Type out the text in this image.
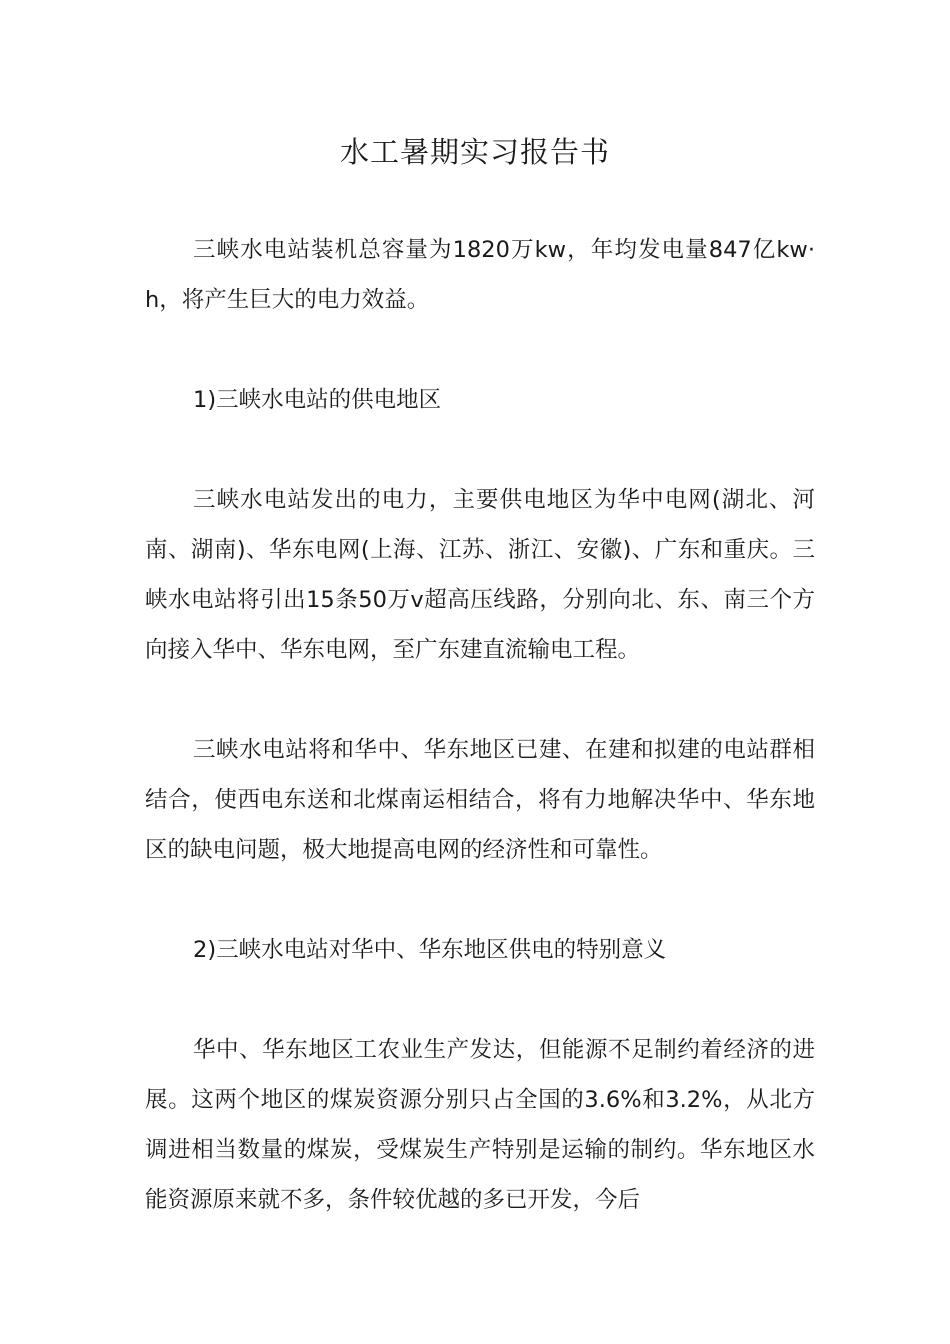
水工暑期实习报告书

三峡水电站装机总容量为1820万kw，年均发电量847亿kw·h，将产生巨大的电力效益。

1)三峡水电站的供电地区

三峡水电站发出的电力，主要供电地区为华中电网(湖北、河南、湖南)、华东电网(上海、江苏、浙江、安徽)、广东和重庆。三峡水电站将引出15条50万v超高压线路，分别向北、东、南三个方向接入华中、华东电网，至广东建直流输电工程。

三峡水电站将和华中、华东地区已建、在建和拟建的电站群相结合，使西电东送和北煤南运相结合，将有力地解决华中、华东地区的缺电问题，极大地提高电网的经济性和可靠性。

2)三峡水电站对华中、华东地区供电的特别意义

华中、华东地区工农业生产发达，但能源不足制约着经济的进展。这两个地区的煤炭资源分别只占全国的3.6%和3.2%，从北方调进相当数量的煤炭，受煤炭生产特别是运输的制约。华东地区水能资源原来就不多，条件较优越的多已开发，今后
